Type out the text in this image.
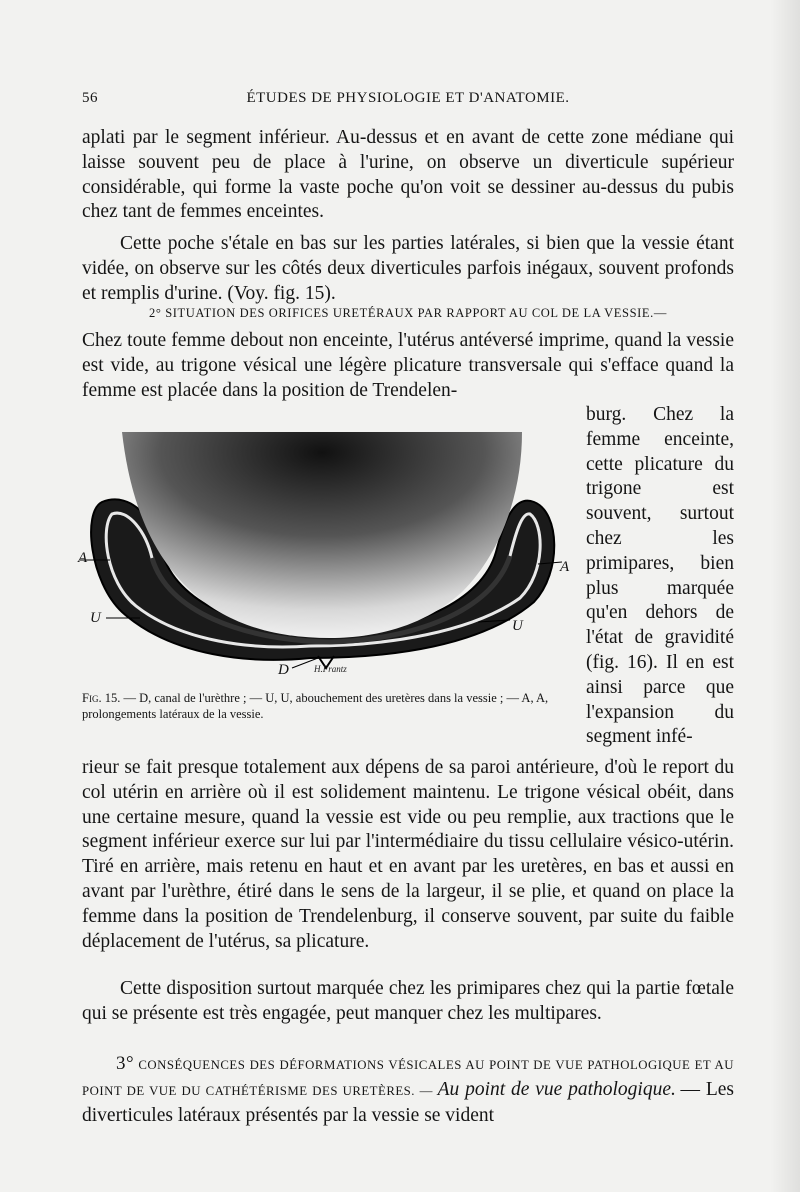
56	ÉTUDES DE PHYSIOLOGIE ET D'ANATOMIE.
aplati par le segment inférieur. Au-dessus et en avant de cette zone médiane qui laisse souvent peu de place à l'urine, on observe un diverticule supérieur considérable, qui forme la vaste poche qu'on voit se dessiner au-dessus du pubis chez tant de femmes enceintes.
Cette poche s'étale en bas sur les parties latérales, si bien que la vessie étant vidée, on observe sur les côtés deux diverticules parfois inégaux, souvent profonds et remplis d'urine. (Voy. fig. 15).
2° SITUATION DES ORIFICES URETÉRAUX PAR RAPPORT AU COL DE LA VESSIE.—
Chez toute femme debout non enceinte, l'utérus antéversé imprime, quand la vessie est vide, au trigone vésical une légère plicature transversale qui s'efface quand la femme est placée dans la position de Trendelen-
burg. Chez la femme enceinte, cette plicature du trigone est souvent, surtout chez les primipares, bien plus marquée qu'en dehors de l'état de gravidité (fig. 16). Il en est ainsi parce que l'expansion du segment infé-
A
A
U	U
D	H.Frantz
Fig. 15. — D, canal de l'urèthre ; — U, U, abouchement des uretères dans la vessie ; — A, A, prolongements latéraux de la vessie.
rieur se fait presque totalement aux dépens de sa paroi antérieure, d'où le report du col utérin en arrière où il est solidement maintenu. Le trigone vésical obéit, dans une certaine mesure, quand la vessie est vide ou peu remplie, aux tractions que le segment inférieur exerce sur lui par l'intermédiaire du tissu cellulaire vésico-utérin. Tiré en arrière, mais retenu en haut et en avant par les uretères, en bas et aussi en avant par l'urèthre, étiré dans le sens de la largeur, il se plie, et quand on place la femme dans la position de Trendelenburg, il conserve souvent, par suite du faible déplacement de l'utérus, sa plicature.
Cette disposition surtout marquée chez les primipares chez qui la partie fœtale qui se présente est très engagée, peut manquer chez les multipares.
3° CONSÉQUENCES DES DÉFORMATIONS VÉSICALES AU POINT DE VUE PATHOLOGIQUE ET AU POINT DE VUE DU CATHÉTÉRISME DES URETÈRES. — Au point de vue pathologique. — Les diverticules latéraux présentés par la vessie se vident
